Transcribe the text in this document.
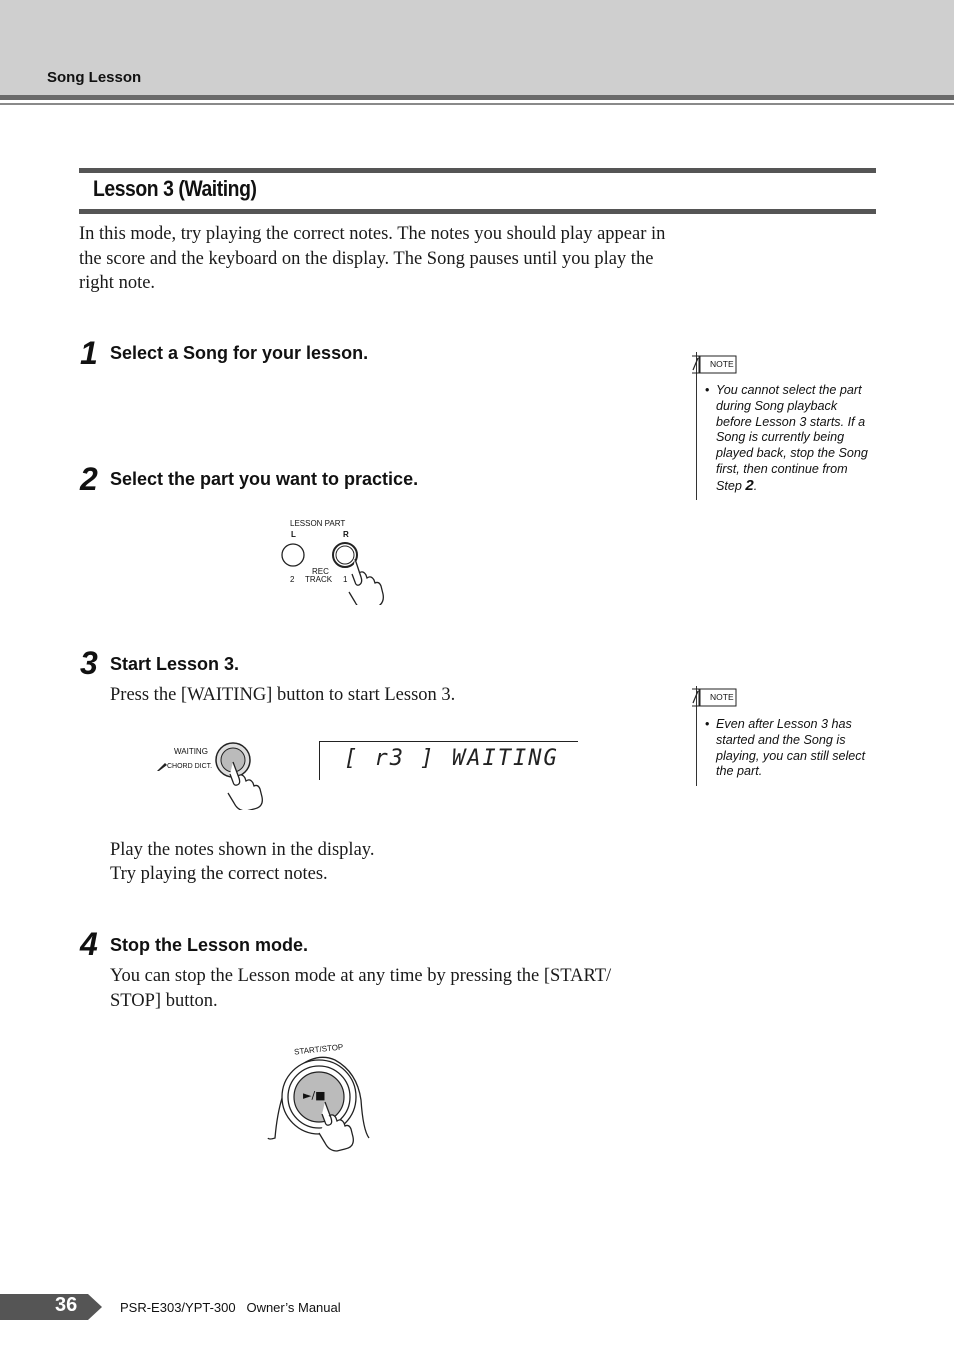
Song Lesson
Lesson 3 (Waiting)
In this mode, try playing the correct notes. The notes you should play appear in the score and the keyboard on the display. The Song pauses until you play the right note.
1 Select a Song for your lesson.
2 Select the part you want to practice.
LESSON PART
L	R
REC
TRACK
2	1
3 Start Lesson 3.
Press the [WAITING] button to start Lesson 3.
WAITING
CHORD DICT.	[ r3 ] WAITING
Play the notes shown in the display.
Try playing the correct notes.
4 Stop the Lesson mode.
You can stop the Lesson mode at any time by pressing the [START/ STOP] button.
START/STOP
►/■
NOTE
• You cannot select the part during Song playback before Lesson 3 starts. If a Song is currently being played back, stop the Song first, then continue from Step 2.
NOTE
• Even after Lesson 3 has started and the Song is playing, you can still select the part.
36	PSR-E303/YPT-300   Owner’s Manual
